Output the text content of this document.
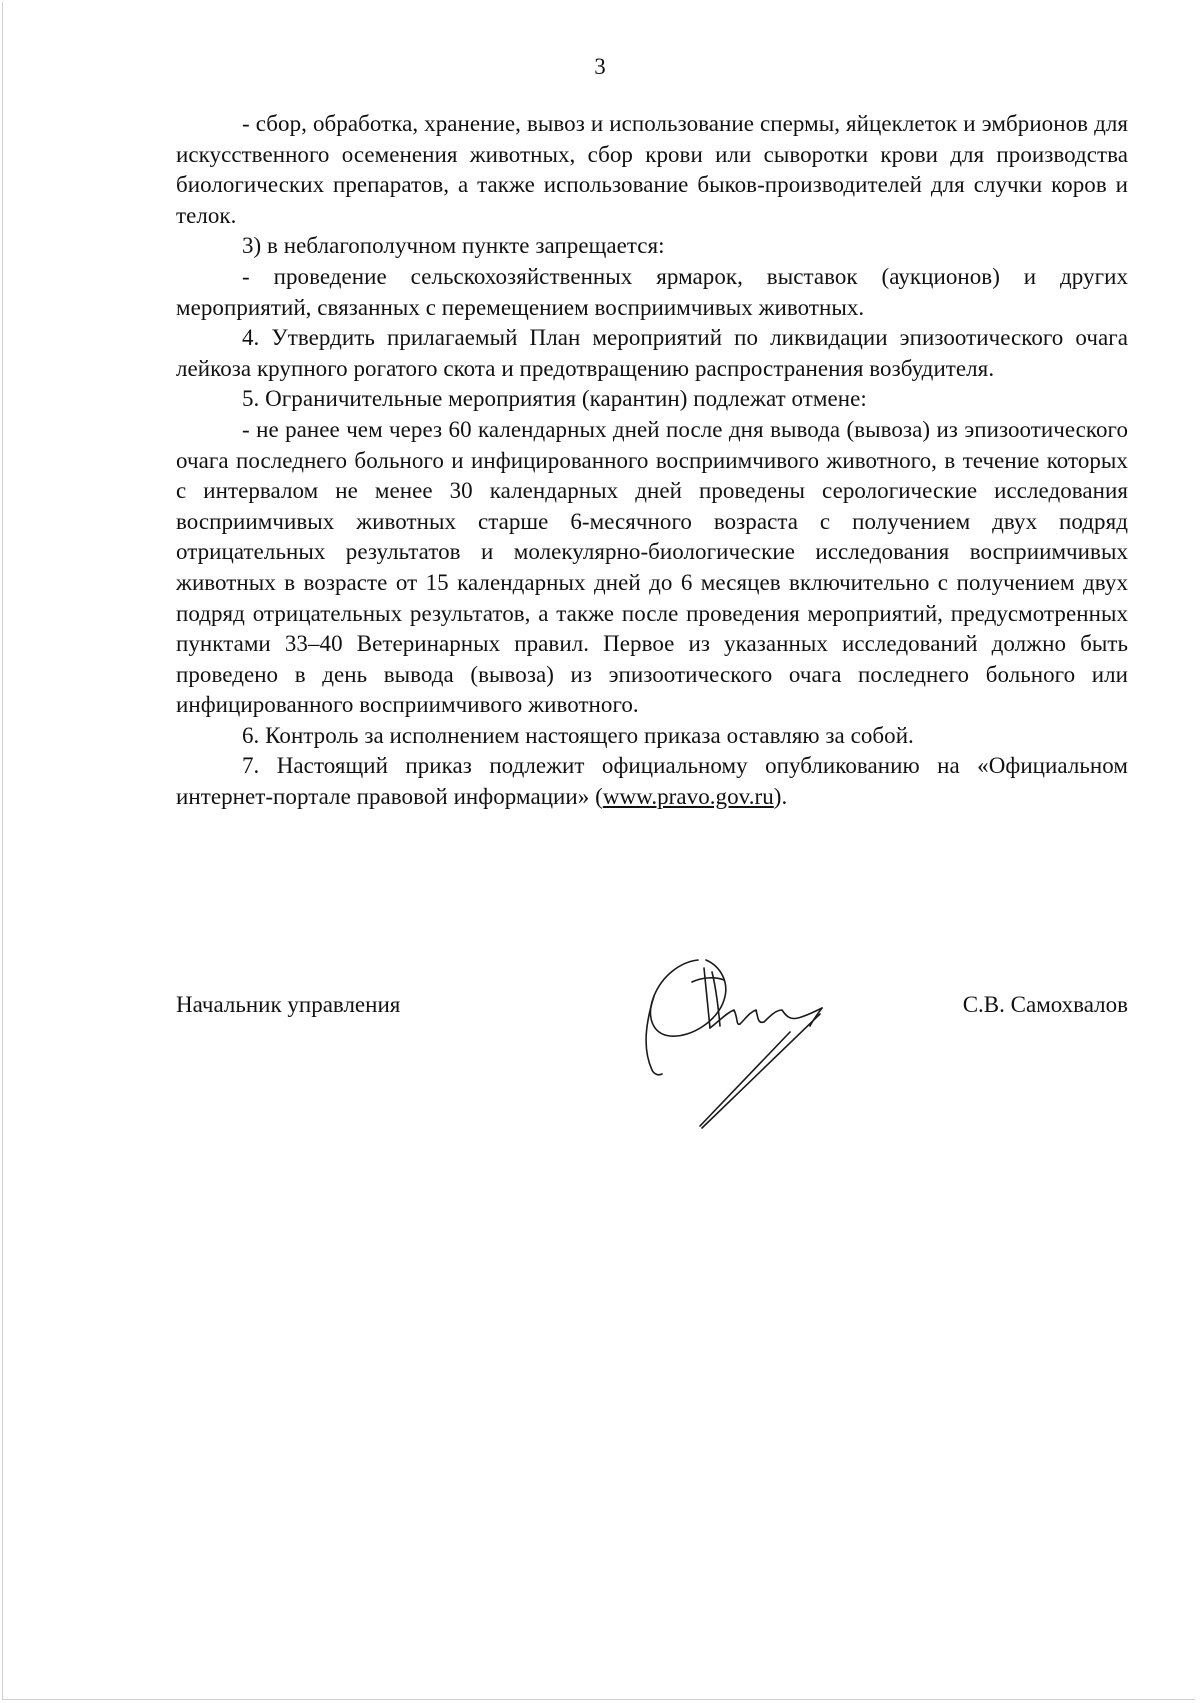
3

- сбор, обработка, хранение, вывоз и использование спермы, яйцеклеток и эмбрионов для искусственного осеменения животных, сбор крови или сыворотки крови для производства биологических препаратов, а также использование быков-производителей для случки коров и телок.

3) в неблагополучном пункте запрещается:

- проведение сельскохозяйственных ярмарок, выставок (аукционов) и других мероприятий, связанных с перемещением восприимчивых животных.

4. Утвердить прилагаемый План мероприятий по ликвидации эпизоотического очага лейкоза крупного рогатого скота и предотвращению распространения возбудителя.

5. Ограничительные мероприятия (карантин) подлежат отмене:

- не ранее чем через 60 календарных дней после дня вывода (вывоза) из эпизоотического очага последнего больного и инфицированного восприимчивого животного, в течение которых с интервалом не менее 30 календарных дней проведены серологические исследования восприимчивых животных старше 6-месячного возраста с получением двух подряд отрицательных результатов и молекулярно-биологические исследования восприимчивых животных в возрасте от 15 календарных дней до 6 месяцев включительно с получением двух подряд отрицательных результатов, а также после проведения мероприятий, предусмотренных пунктами 33–40 Ветеринарных правил. Первое из указанных исследований должно быть проведено в день вывода (вывоза) из эпизоотического очага последнего больного или инфицированного восприимчивого животного.

6. Контроль за исполнением настоящего приказа оставляю за собой.

7. Настоящий приказ подлежит официальному опубликованию на «Официальном интернет-портале правовой информации» (www.pravo.gov.ru).

Начальник управления	С.В. Самохвалов
